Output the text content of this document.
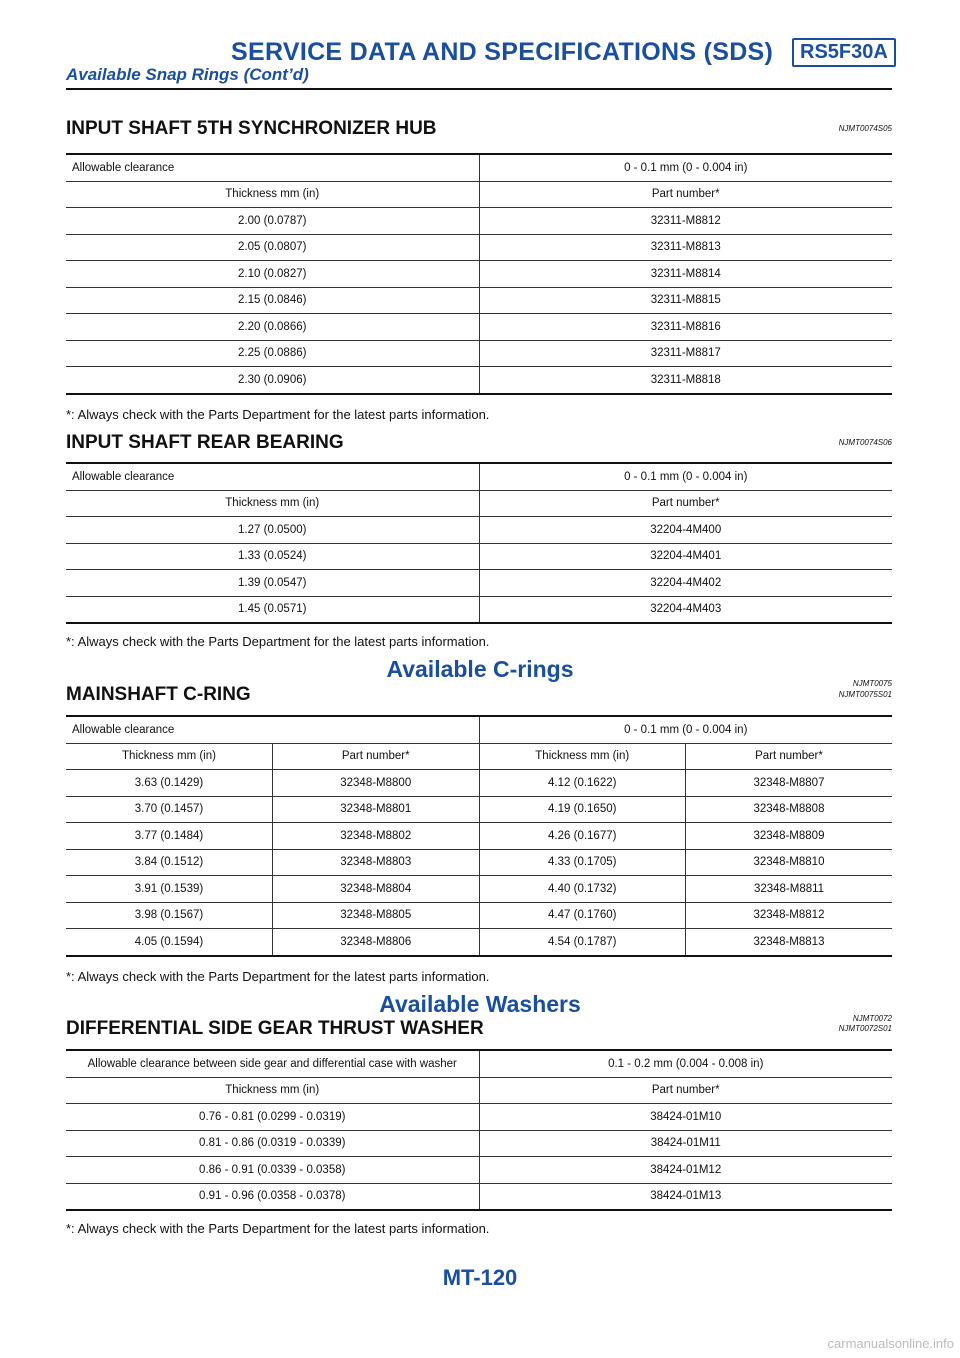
SERVICE DATA AND SPECIFICATIONS (SDS)	RS5F30A
Available Snap Rings (Cont’d)
INPUT SHAFT 5TH SYNCHRONIZER HUB	NJMT0074S05
Allowable clearance	0 - 0.1 mm (0 - 0.004 in)
Thickness mm (in)	Part number*
2.00 (0.0787)	32311-M8812
2.05 (0.0807)	32311-M8813
2.10 (0.0827)	32311-M8814
2.15 (0.0846)	32311-M8815
2.20 (0.0866)	32311-M8816
2.25 (0.0886)	32311-M8817
2.30 (0.0906)	32311-M8818
*: Always check with the Parts Department for the latest parts information.
INPUT SHAFT REAR BEARING	NJMT0074S06
Allowable clearance	0 - 0.1 mm (0 - 0.004 in)
Thickness mm (in)	Part number*
1.27 (0.0500)	32204-4M400
1.33 (0.0524)	32204-4M401
1.39 (0.0547)	32204-4M402
1.45 (0.0571)	32204-4M403
*: Always check with the Parts Department for the latest parts information.
Available C-rings
NJMT0075
MAINSHAFT C-RING	NJMT0075S01
Allowable clearance		0 - 0.1 mm (0 - 0.004 in)	
Thickness mm (in)	Part number*	Thickness mm (in)	Part number*
3.63 (0.1429)	32348-M8800	4.12 (0.1622)	32348-M8807
3.70 (0.1457)	32348-M8801	4.19 (0.1650)	32348-M8808
3.77 (0.1484)	32348-M8802	4.26 (0.1677)	32348-M8809
3.84 (0.1512)	32348-M8803	4.33 (0.1705)	32348-M8810
3.91 (0.1539)	32348-M8804	4.40 (0.1732)	32348-M8811
3.98 (0.1567)	32348-M8805	4.47 (0.1760)	32348-M8812
4.05 (0.1594)	32348-M8806	4.54 (0.1787)	32348-M8813
*: Always check with the Parts Department for the latest parts information.
Available Washers
NJMT0072
DIFFERENTIAL SIDE GEAR THRUST WASHER	NJMT0072S01
Allowable clearance between side gear and differential case with washer	0.1 - 0.2 mm (0.004 - 0.008 in)
Thickness mm (in)	Part number*
0.76 - 0.81 (0.0299 - 0.0319)	38424-01M10
0.81 - 0.86 (0.0319 - 0.0339)	38424-01M11
0.86 - 0.91 (0.0339 - 0.0358)	38424-01M12
0.91 - 0.96 (0.0358 - 0.0378)	38424-01M13
*: Always check with the Parts Department for the latest parts information.
MT-120
carmanualsonline.info
